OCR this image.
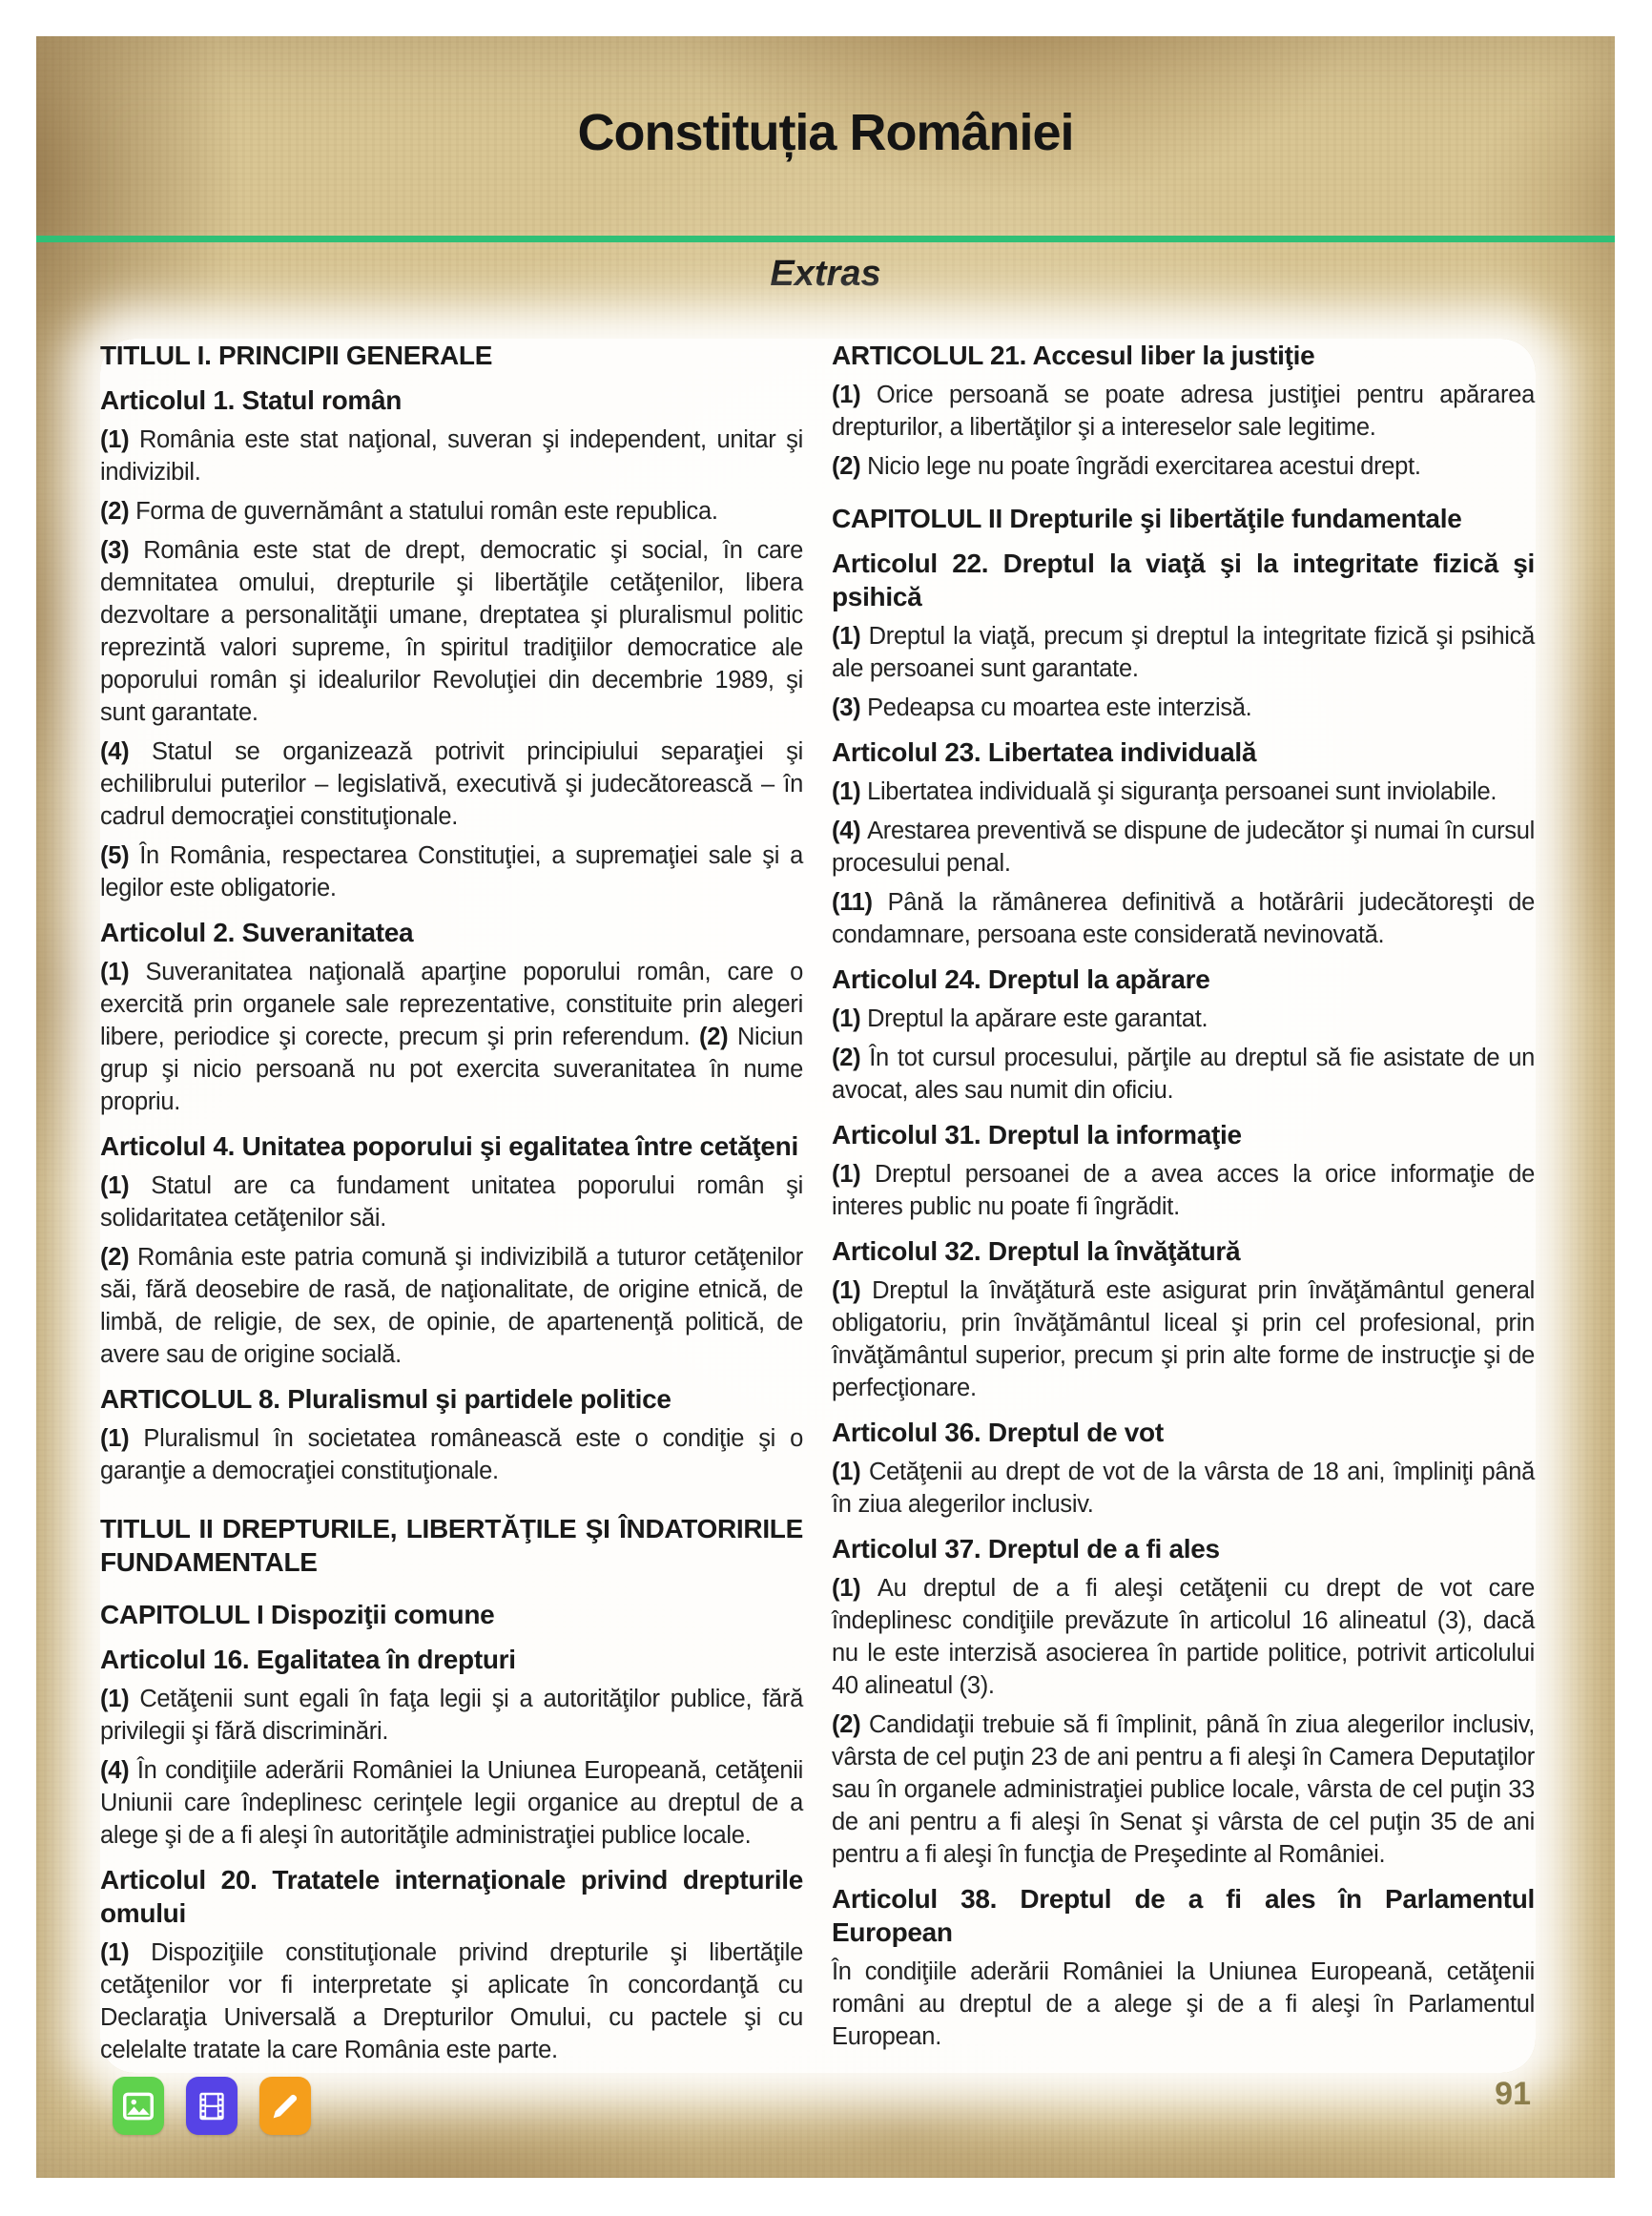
Constituția României
Extras
TITLUL I. PRINCIPII GENERALE
Articolul 1. Statul român

(1) România este stat naţional, suveran şi independent, unitar şi indivizibil.

(2) Forma de guvernământ a statului român este republica.

(3) România este stat de drept, democratic şi social, în care demnitatea omului, drepturile şi libertăţile cetăţenilor, libera dezvoltare a personalităţii umane, dreptatea şi pluralismul politic reprezintă valori supreme, în spiritul tradiţiilor democratice ale poporului român şi idealurilor Revoluţiei din decembrie 1989, şi sunt garantate.

(4) Statul se organizează potrivit principiului separaţiei şi echilibrului puterilor – legislativă, executivă şi judecătorească – în cadrul democraţiei constituţionale.

(5) În România, respectarea Constituţiei, a supremaţiei sale şi a legilor este obligatorie.

Articolul 2. Suveranitatea

(1) Suveranitatea naţională aparţine poporului român, care o exercită prin organele sale reprezentative, constituite prin alegeri libere, periodice şi corecte, precum şi prin referendum. (2) Niciun grup şi nicio persoană nu pot exercita suveranitatea în nume propriu.

Articolul 4. Unitatea poporului şi egalitatea între cetăţeni

(1) Statul are ca fundament unitatea poporului român şi solidaritatea cetăţenilor săi.

(2) România este patria comună şi indivizibilă a tuturor cetăţenilor săi, fără deosebire de rasă, de naţionalitate, de origine etnică, de limbă, de religie, de sex, de opinie, de apartenenţă politică, de avere sau de origine socială.

ARTICOLUL 8. Pluralismul şi partidele politice

(1) Pluralismul în societatea românească este o condiţie şi o garanţie a democraţiei constituţionale.

TITLUL II DREPTURILE, LIBERTĂŢILE ŞI ÎNDATORIRILE FUNDAMENTALE
CAPITOLUL I Dispoziţii comune
Articolul 16. Egalitatea în drepturi

(1) Cetăţenii sunt egali în faţa legii şi a autorităţilor publice, fără privilegii şi fără discriminări.

(4) În condiţiile aderării României la Uniunea Europeană, cetăţenii Uniunii care îndeplinesc cerinţele legii organice au dreptul de a alege şi de a fi aleşi în autorităţile administraţiei publice locale.

Articolul 20. Tratatele internaţionale privind drepturile omului

(1) Dispoziţiile constituţionale privind drepturile şi libertăţile cetăţenilor vor fi interpretate şi aplicate în concordanţă cu Declaraţia Universală a Drepturilor Omului, cu pactele şi cu celelalte tratate la care România este parte.

ARTICOLUL 21. Accesul liber la justiţie

(1) Orice persoană se poate adresa justiţiei pentru apărarea drepturilor, a libertăţilor şi a intereselor sale legitime.

(2) Nicio lege nu poate îngrădi exercitarea acestui drept.

CAPITOLUL II Drepturile şi libertăţile fundamentale
Articolul 22. Dreptul la viaţă şi la integritate fizică şi psihică

(1) Dreptul la viaţă, precum şi dreptul la integritate fizică şi psihică ale persoanei sunt garantate.

(3) Pedeapsa cu moartea este interzisă.

Articolul 23. Libertatea individuală

(1) Libertatea individuală şi siguranţa persoanei sunt inviolabile.

(4) Arestarea preventivă se dispune de judecător şi numai în cursul procesului penal.

(11) Până la rămânerea definitivă a hotărârii judecătoreşti de condamnare, persoana este considerată nevinovată.

Articolul 24. Dreptul la apărare

(1) Dreptul la apărare este garantat.

(2) În tot cursul procesului, părţile au dreptul să fie asistate de un avocat, ales sau numit din oficiu.

Articolul 31. Dreptul la informaţie

(1) Dreptul persoanei de a avea acces la orice informaţie de interes public nu poate fi îngrădit.

Articolul 32. Dreptul la învăţătură

(1) Dreptul la învăţătură este asigurat prin învăţământul general obligatoriu, prin învăţământul liceal şi prin cel profesional, prin învăţământul superior, precum şi prin alte forme de instrucţie şi de perfecţionare.

Articolul 36. Dreptul de vot

(1) Cetăţenii au drept de vot de la vârsta de 18 ani, împliniţi până în ziua alegerilor inclusiv.

Articolul 37. Dreptul de a fi ales

(1) Au dreptul de a fi aleşi cetăţenii cu drept de vot care îndeplinesc condiţiile prevăzute în articolul 16 alineatul (3), dacă nu le este interzisă asocierea în partide politice, potrivit articolului 40 alineatul (3).

(2) Candidaţii trebuie să fi împlinit, până în ziua alegerilor inclusiv, vârsta de cel puţin 23 de ani pentru a fi aleşi în Camera Deputaţilor sau în organele administraţiei publice locale, vârsta de cel puţin 33 de ani pentru a fi aleşi în Senat şi vârsta de cel puţin 35 de ani pentru a fi aleşi în funcţia de Preşedinte al României.

Articolul 38. Dreptul de a fi ales în Parlamentul European

În condiţiile aderării României la Uniunea Europeană, cetăţenii români au dreptul de a alege şi de a fi aleşi în Parlamentul European.

91
